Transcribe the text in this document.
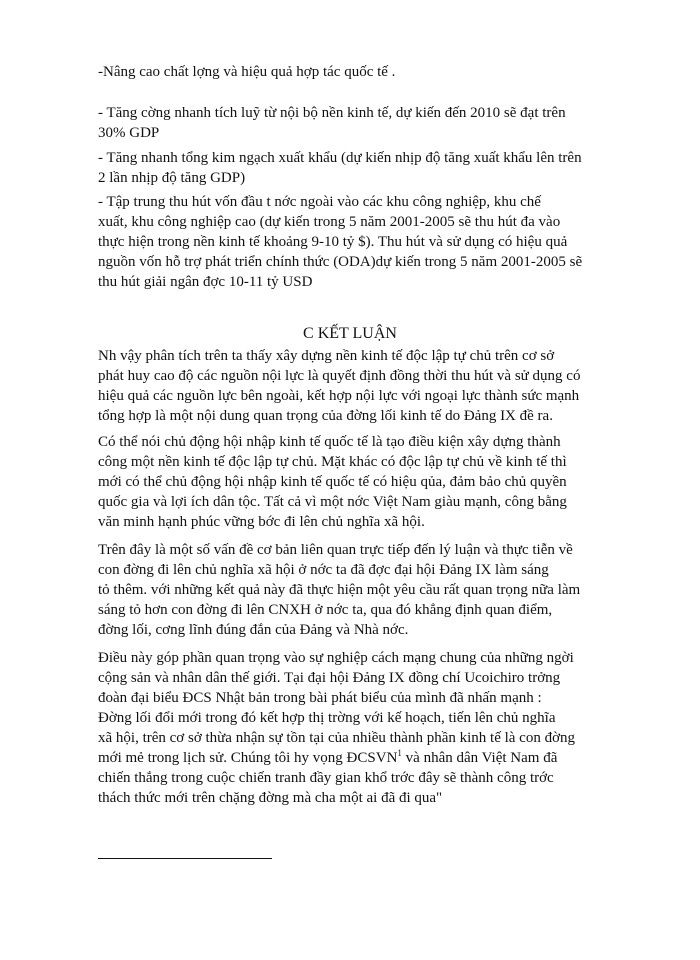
-Nâng cao chất lợng và hiệu quả hợp tác quốc tế .
- Tăng cờng nhanh tích luỹ từ nội bộ nền kinh tế, dự kiến đến 2010 sẽ đạt trên
30% GDP
- Tăng nhanh tổng kim ngạch xuất khẩu (dự kiến nhịp độ tăng xuất khẩu lên trên
2 lần nhịp độ tăng GDP)
- Tập trung thu hút vốn đầu t nớc ngoài vào các khu công nghiệp, khu chế
xuất, khu công nghiệp cao (dự kiến trong 5 năm 2001-2005 sẽ thu hút đa vào
thực hiện trong nền kinh tế khoảng 9-10 tỷ $). Thu hút và sử dụng có hiệu quả
nguồn vốn hỗ trợ phát triển chính thức (ODA)dự kiến trong 5 năm 2001-2005 sẽ
thu hút giải ngân đợc 10-11 tỷ USD
C KẾT LUẬN
Nh vậy phân tích trên ta thấy xây dựng nền kinh tế độc lập tự chủ trên cơ sở
phát huy cao độ các nguồn nội lực là quyết định đồng thời thu hút và sử dụng có
hiệu quả các nguồn lực bên ngoài, kết hợp nội lực với ngoại lực thành sức mạnh
tổng hợp là một nội dung quan trọng của đờng lối kinh tế do Đảng IX đề ra.
Có thể nói chủ động hội nhập kinh tế quốc tế là tạo điều kiện xây dựng thành
công một nền kinh tế độc lập tự chủ. Mặt khác có độc lập tự chủ về kinh tế thì
mới có thể chủ động hội nhập kinh tế quốc tế có hiệu qủa, đảm bảo chủ quyền
quốc gia và lợi ích dân tộc. Tất cả vì một nớc Việt Nam giàu mạnh, công bằng
văn minh hạnh phúc vững bớc đi lên chủ nghĩa xã hội.
Trên đây là một số vấn đề cơ bản liên quan trực tiếp đến lý luận và thực tiễn về
con đờng đi lên chủ nghĩa xã hội ở nớc ta đã đợc đại hội Đảng IX làm sáng
tỏ thêm. với những kết quả này đã thực hiện một yêu cầu rất quan trọng nữa làm
sáng tỏ hơn con đờng đi lên CNXH ở nớc ta, qua đó khẳng định quan điểm,
đờng lối, cơng lĩnh đúng đắn của Đảng và Nhà nớc.
Điều này góp phần quan trọng vào sự nghiệp cách mạng chung của những ngời
cộng sản và nhân dân thế giới. Tại đại hội Đảng IX đồng chí Ucoichiro trởng
đoàn đại biểu ĐCS Nhật bản trong bài phát biểu của mình đã nhấn mạnh :
Đờng lối đổi mới trong đó kết hợp thị trờng với kế hoạch, tiến lên chủ nghĩa
xã hội, trên cơ sở thừa nhận sự tồn tại của nhiều thành phần kinh tế là con đờng
mới mẻ trong lịch sử. Chúng tôi hy vọng ĐCSVN$^1$ và nhân dân Việt Nam đã
chiến thắng trong cuộc chiến tranh đầy gian khổ trớc đây sẽ thành công trớc
thách thức mới trên chặng đờng mà cha một ai đã đi qua"
